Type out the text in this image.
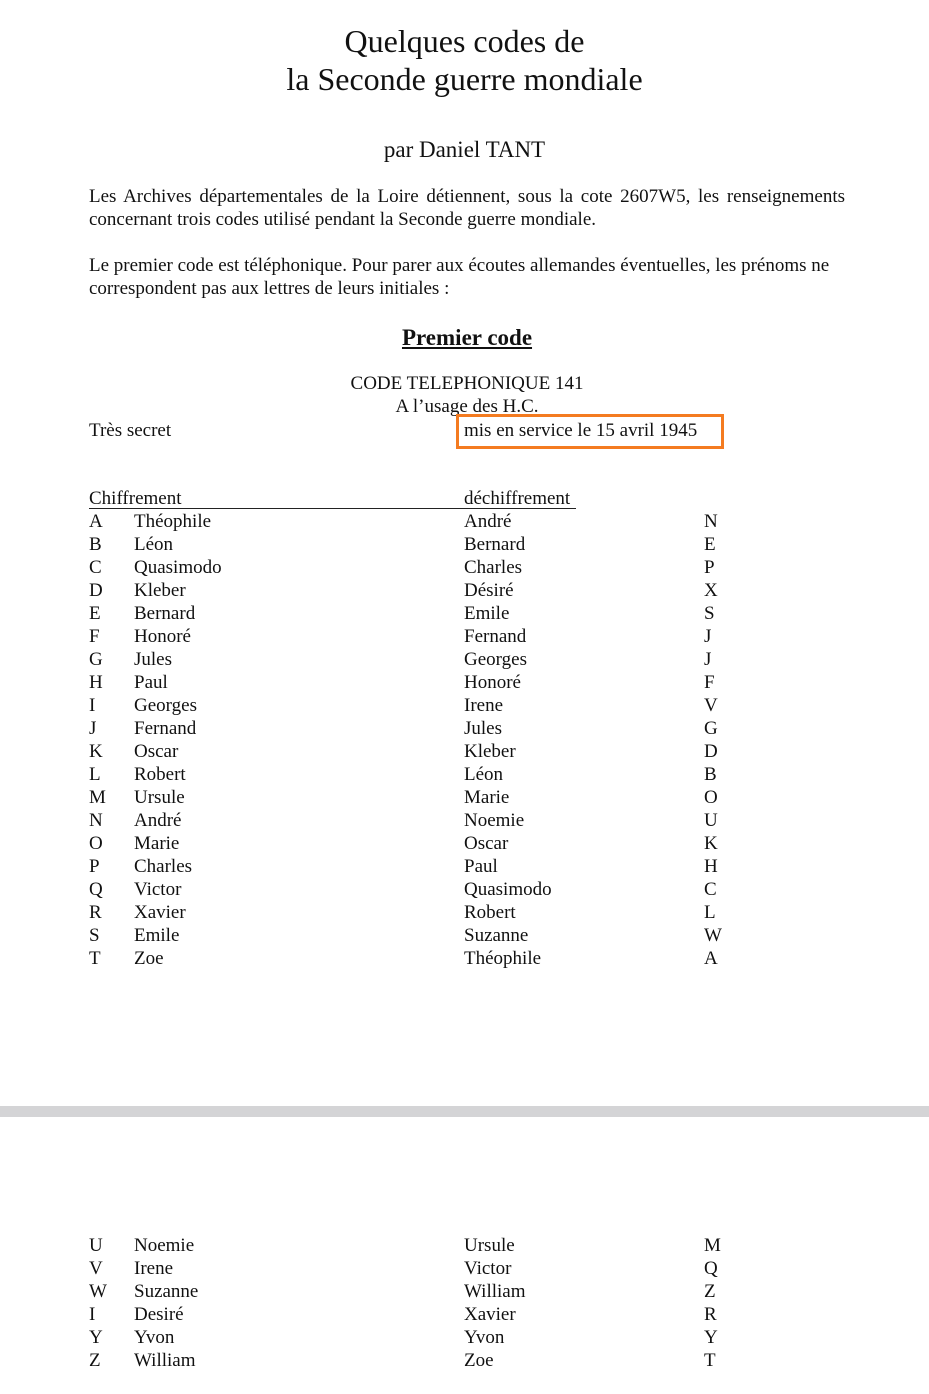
Quelques codes de
la Seconde guerre mondiale
par Daniel TANT
Les Archives départementales de la Loire détiennent, sous la cote 2607W5, les renseignements concernant trois codes utilisé pendant la Seconde guerre mondiale.
Le premier code est téléphonique. Pour parer aux écoutes allemandes éventuelles, les prénoms ne correspondent pas aux lettres de leurs initiales :
Premier code
CODE TELEPHONIQUE 141
A l’usage des H.C.
Très secret	mis en service le 15 avril 1945
Chiffrement	déchiffrement
A Théophile	André	N
B Léon	Bernard	E
C Quasimodo	Charles	P
D Kleber	Désiré	X
E Bernard	Emile	S
F Honoré	Fernand	J
G Jules	Georges	J
H Paul	Honoré	F
I Georges	Irene	V
J Fernand	Jules	G
K Oscar	Kleber	D
L Robert	Léon	B
M Ursule	Marie	O
N André	Noemie	U
O Marie	Oscar	K
P Charles	Paul	H
Q Victor	Quasimodo	C
R Xavier	Robert	L
S Emile	Suzanne	W
T Zoe	Théophile	A
U Noemie	Ursule	M
V Irene	Victor	Q
W Suzanne	William	Z
I Desiré	Xavier	R
Y Yvon	Yvon	Y
Z William	Zoe	T
